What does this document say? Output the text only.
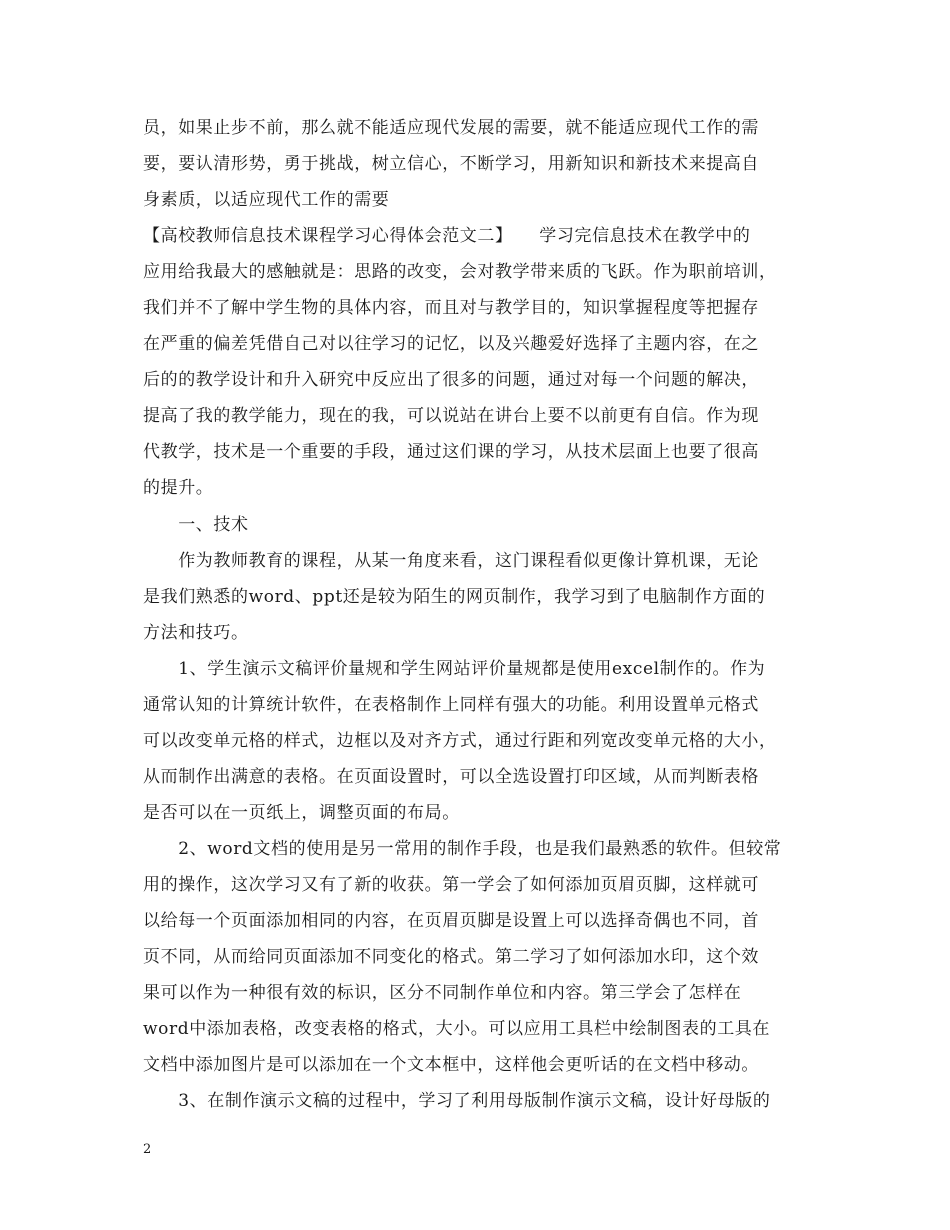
员，如果止步不前，那么就不能适应现代发展的需要，就不能适应现代工作的需
要，要认清形势，勇于挑战，树立信心，不断学习，用新知识和新技术来提高自
身素质，以适应现代工作的需要
【高校教师信息技术课程学习心得体会范文二】　　学习完信息技术在教学中的
应用给我最大的感触就是：思路的改变，会对教学带来质的飞跃。作为职前培训，
我们并不了解中学生物的具体内容，而且对与教学目的，知识掌握程度等把握存
在严重的偏差凭借自己对以往学习的记忆，以及兴趣爱好选择了主题内容，在之
后的的教学设计和升入研究中反应出了很多的问题，通过对每一个问题的解决，
提高了我的教学能力，现在的我，可以说站在讲台上要不以前更有自信。作为现
代教学，技术是一个重要的手段，通过这们课的学习，从技术层面上也要了很高
的提升。
　　一、技术
　　作为教师教育的课程，从某一角度来看，这门课程看似更像计算机课，无论
是我们熟悉的word、ppt还是较为陌生的网页制作，我学习到了电脑制作方面的
方法和技巧。
　　1、学生演示文稿评价量规和学生网站评价量规都是使用excel制作的。作为
通常认知的计算统计软件，在表格制作上同样有强大的功能。利用设置单元格式
可以改变单元格的样式，边框以及对齐方式，通过行距和列宽改变单元格的大小，
从而制作出满意的表格。在页面设置时，可以全选设置打印区域，从而判断表格
是否可以在一页纸上，调整页面的布局。
　　2、word文档的使用是另一常用的制作手段，也是我们最熟悉的软件。但较常
用的操作，这次学习又有了新的收获。第一学会了如何添加页眉页脚，这样就可
以给每一个页面添加相同的内容，在页眉页脚是设置上可以选择奇偶也不同，首
页不同，从而给同页面添加不同变化的格式。第二学习了如何添加水印，这个效
果可以作为一种很有效的标识，区分不同制作单位和内容。第三学会了怎样在
word中添加表格，改变表格的格式，大小。可以应用工具栏中绘制图表的工具在
文档中添加图片是可以添加在一个文本框中，这样他会更听话的在文档中移动。
　　3、在制作演示文稿的过程中，学习了利用母版制作演示文稿，设计好母版的
2
